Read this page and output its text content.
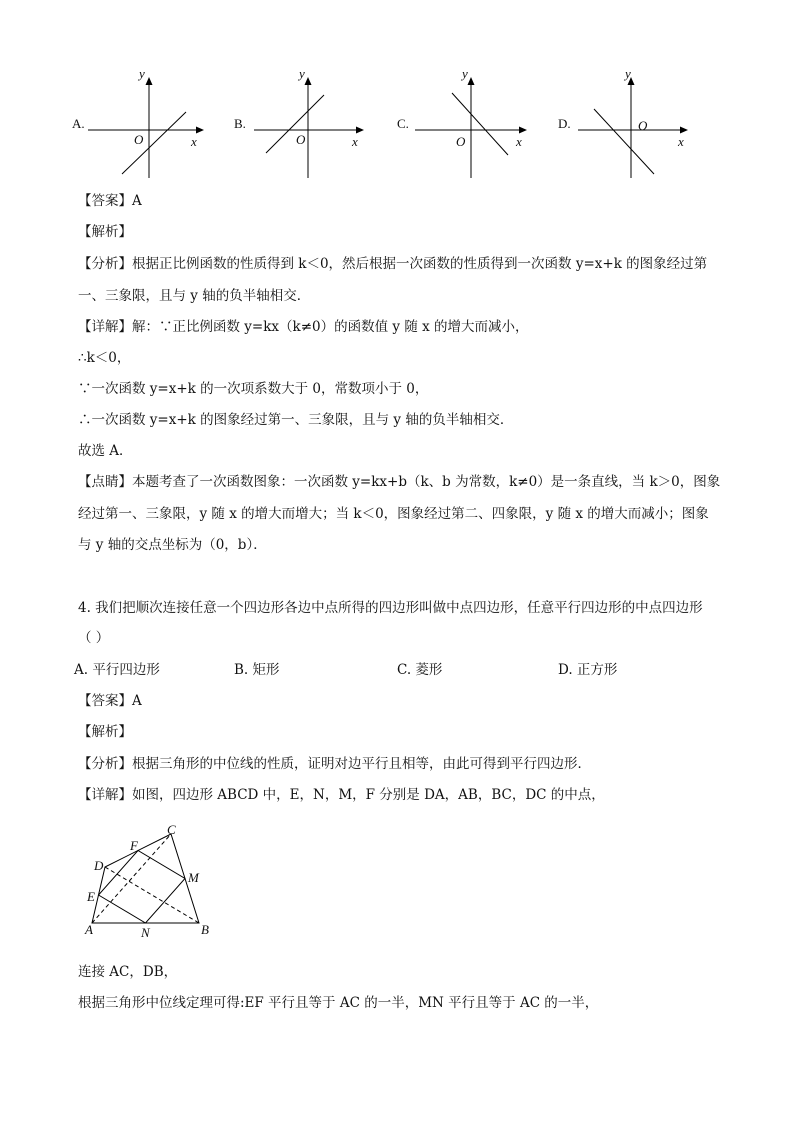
A.
y
x
O
B.
y
x
O
C.
y
x
O
D.
y
x
O
【答案】A
【解析】
【分析】根据正比例函数的性质得到 k＜0，然后根据一次函数的性质得到一次函数 y=x+k 的图象经过第
一、三象限，且与 y 轴的负半轴相交．
【详解】解：∵正比例函数 y=kx（k≠0）的函数值 y 随 x 的增大而减小，
∴k＜0，
∵一次函数 y=x+k 的一次项系数大于 0，常数项小于 0，
∴一次函数 y=x+k 的图象经过第一、三象限，且与 y 轴的负半轴相交．
故选 A．
【点睛】本题考查了一次函数图象：一次函数 y=kx+b（k、b 为常数，k≠0）是一条直线，当 k＞0，图象
经过第一、三象限，y 随 x 的增大而增大；当 k＜0，图象经过第二、四象限，y 随 x 的增大而减小；图象
与 y 轴的交点坐标为（0，b）．
4. 我们把顺次连接任意一个四边形各边中点所得的四边形叫做中点四边形，任意平行四边形的中点四边形
（ ）
A. 平行四边形	B. 矩形	C. 菱形	D. 正方形
【答案】A
【解析】
【分析】根据三角形的中位线的性质，证明对边平行且相等，由此可得到平行四边形．
【详解】如图，四边形 ABCD 中，E，N，M，F 分别是 DA，AB，BC，DC 的中点，
C
F
D
M
E
A	N	B
连接 AC，DB，
根据三角形中位线定理可得:EF 平行且等于 AC 的一半，MN 平行且等于 AC 的一半，
